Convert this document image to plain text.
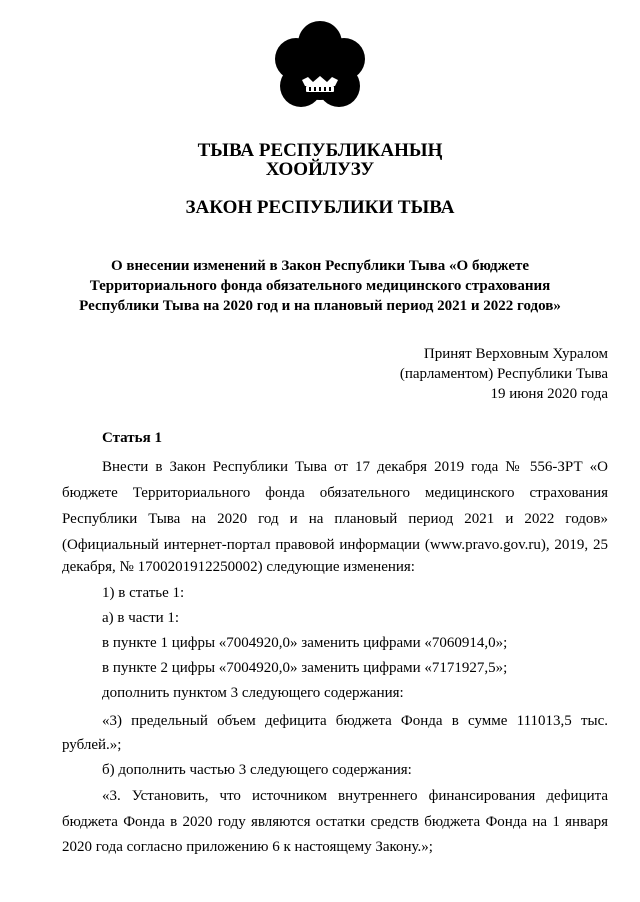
ТЫВА РЕСПУБЛИКАНЫҢ
ХООЙЛУЗУ
ЗАКОН РЕСПУБЛИКИ ТЫВА
О внесении изменений в Закон Республики Тыва «О бюджете
Территориального фонда обязательного медицинского страхования
Республики Тыва на 2020 год и на плановый период 2021 и 2022 годов»
Принят Верховным Хуралом
(парламентом) Республики Тыва
19 июня 2020 года
Статья 1
Внести в Закон Республики Тыва от 17 декабря 2019 года № 556-ЗРТ «О
бюджете Территориального фонда обязательного медицинского страхования
Республики Тыва на 2020 год и на плановый период 2021 и 2022 годов»
(Официальный интернет-портал правовой информации (www.pravo.gov.ru), 2019, 25
декабря, № 1700201912250002) следующие изменения:
1) в статье 1:
а) в части 1:
в пункте 1 цифры «7004920,0» заменить цифрами «7060914,0»;
в пункте 2 цифры «7004920,0» заменить цифрами «7171927,5»;
дополнить пунктом 3 следующего содержания:
«3) предельный объем дефицита бюджета Фонда в сумме 111013,5 тыс.
рублей.»;
б) дополнить частью 3 следующего содержания:
«3. Установить, что источником внутреннего финансирования дефицита
бюджета Фонда в 2020 году являются остатки средств бюджета Фонда на 1 января
2020 года согласно приложению 6 к настоящему Закону.»;
